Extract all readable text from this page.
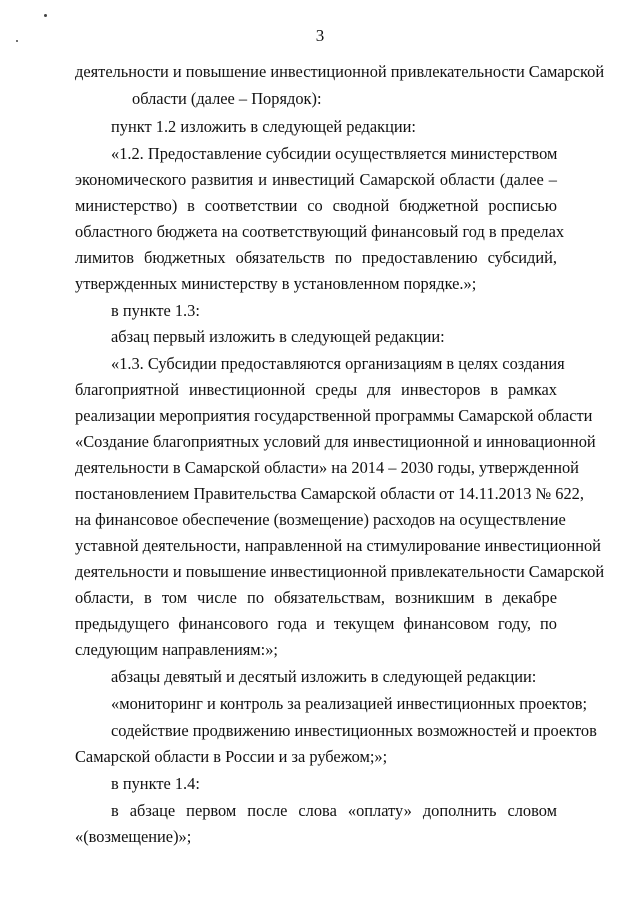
3
деятельности и повышение инвестиционной привлекательности Самарской
области (далее – Порядок):
пункт 1.2 изложить в следующей редакции:
«1.2. Предоставление субсидии осуществляется министерством
экономического развития и инвестиций Самарской области (далее –
министерство) в соответствии со сводной бюджетной росписью
областного бюджета на соответствующий финансовый год в пределах
лимитов бюджетных обязательств по предоставлению субсидий,
утвержденных министерству в установленном порядке.»;
в пункте 1.3:
абзац первый изложить в следующей редакции:
«1.3. Субсидии предоставляются организациям в целях создания
благоприятной инвестиционной среды для инвесторов в рамках
реализации мероприятия государственной программы Самарской области
«Создание благоприятных условий для инвестиционной и инновационной
деятельности в Самарской области» на 2014 – 2030 годы, утвержденной
постановлением Правительства Самарской области от 14.11.2013 № 622,
на финансовое обеспечение (возмещение) расходов на осуществление
уставной деятельности, направленной на стимулирование инвестиционной
деятельности и повышение инвестиционной привлекательности Самарской
области, в том числе по обязательствам, возникшим в декабре
предыдущего финансового года и текущем финансовом году, по
следующим направлениям:»;
абзацы девятый и десятый изложить в следующей редакции:
«мониторинг и контроль за реализацией инвестиционных проектов;
содействие продвижению инвестиционных возможностей и проектов
Самарской области в России и за рубежом;»;
в пункте 1.4:
в абзаце первом после слова «оплату» дополнить словом
«(возмещение)»;
